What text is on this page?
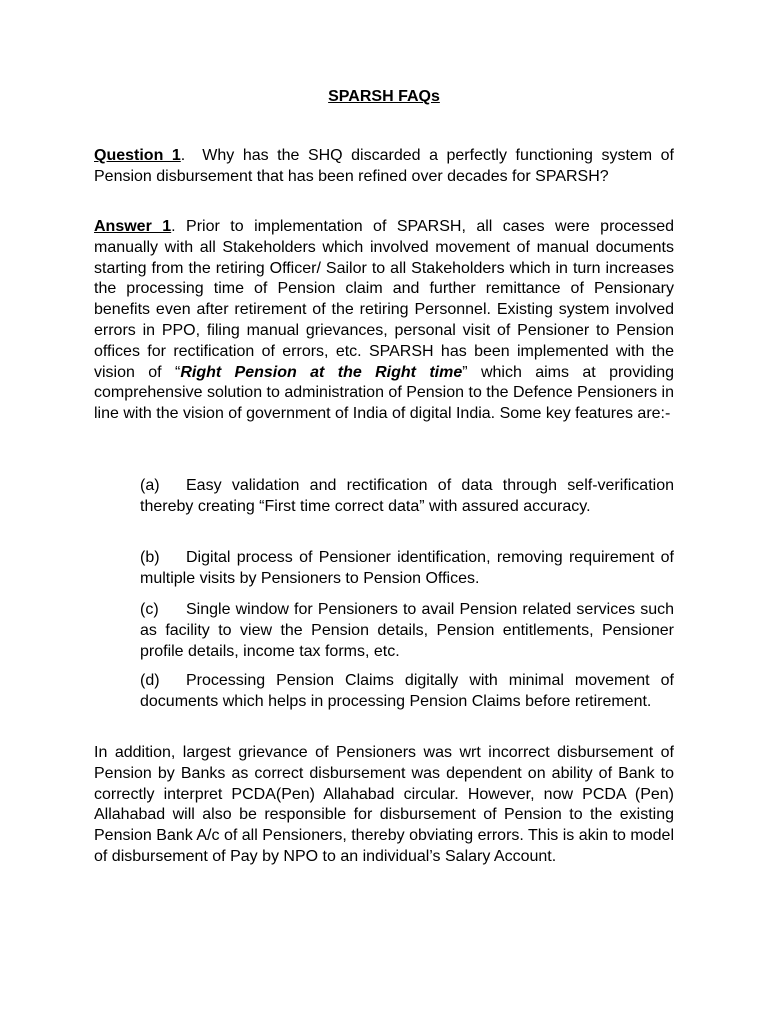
SPARSH FAQs

Question 1.  Why has the SHQ discarded a perfectly functioning system of Pension disbursement that has been refined over decades for SPARSH?

Answer 1. Prior to implementation of SPARSH, all cases were processed manually with all Stakeholders which involved movement of manual documents starting from the retiring Officer/ Sailor to all Stakeholders which in turn increases the processing time of Pension claim and further remittance of Pensionary benefits even after retirement of the retiring Personnel. Existing system involved errors in PPO, filing manual grievances, personal visit of Pensioner to Pension offices for rectification of errors, etc. SPARSH has been implemented with the vision of “Right Pension at the Right time” which aims at providing comprehensive solution to administration of Pension to the Defence Pensioners in line with the vision of government of India of digital India. Some key features are:-

(a) Easy validation and rectification of data through self-verification thereby creating “First time correct data” with assured accuracy.

(b) Digital process of Pensioner identification, removing requirement of multiple visits by Pensioners to Pension Offices.

(c) Single window for Pensioners to avail Pension related services such as facility to view the Pension details, Pension entitlements, Pensioner profile details, income tax forms, etc.

(d) Processing Pension Claims digitally with minimal movement of documents which helps in processing Pension Claims before retirement.

In addition, largest grievance of Pensioners was wrt incorrect disbursement of Pension by Banks as correct disbursement was dependent on ability of Bank to correctly interpret PCDA(Pen) Allahabad circular. However, now PCDA (Pen) Allahabad will also be responsible for disbursement of Pension to the existing Pension Bank A/c of all Pensioners, thereby obviating errors. This is akin to model of disbursement of Pay by NPO to an individual’s Salary Account.
